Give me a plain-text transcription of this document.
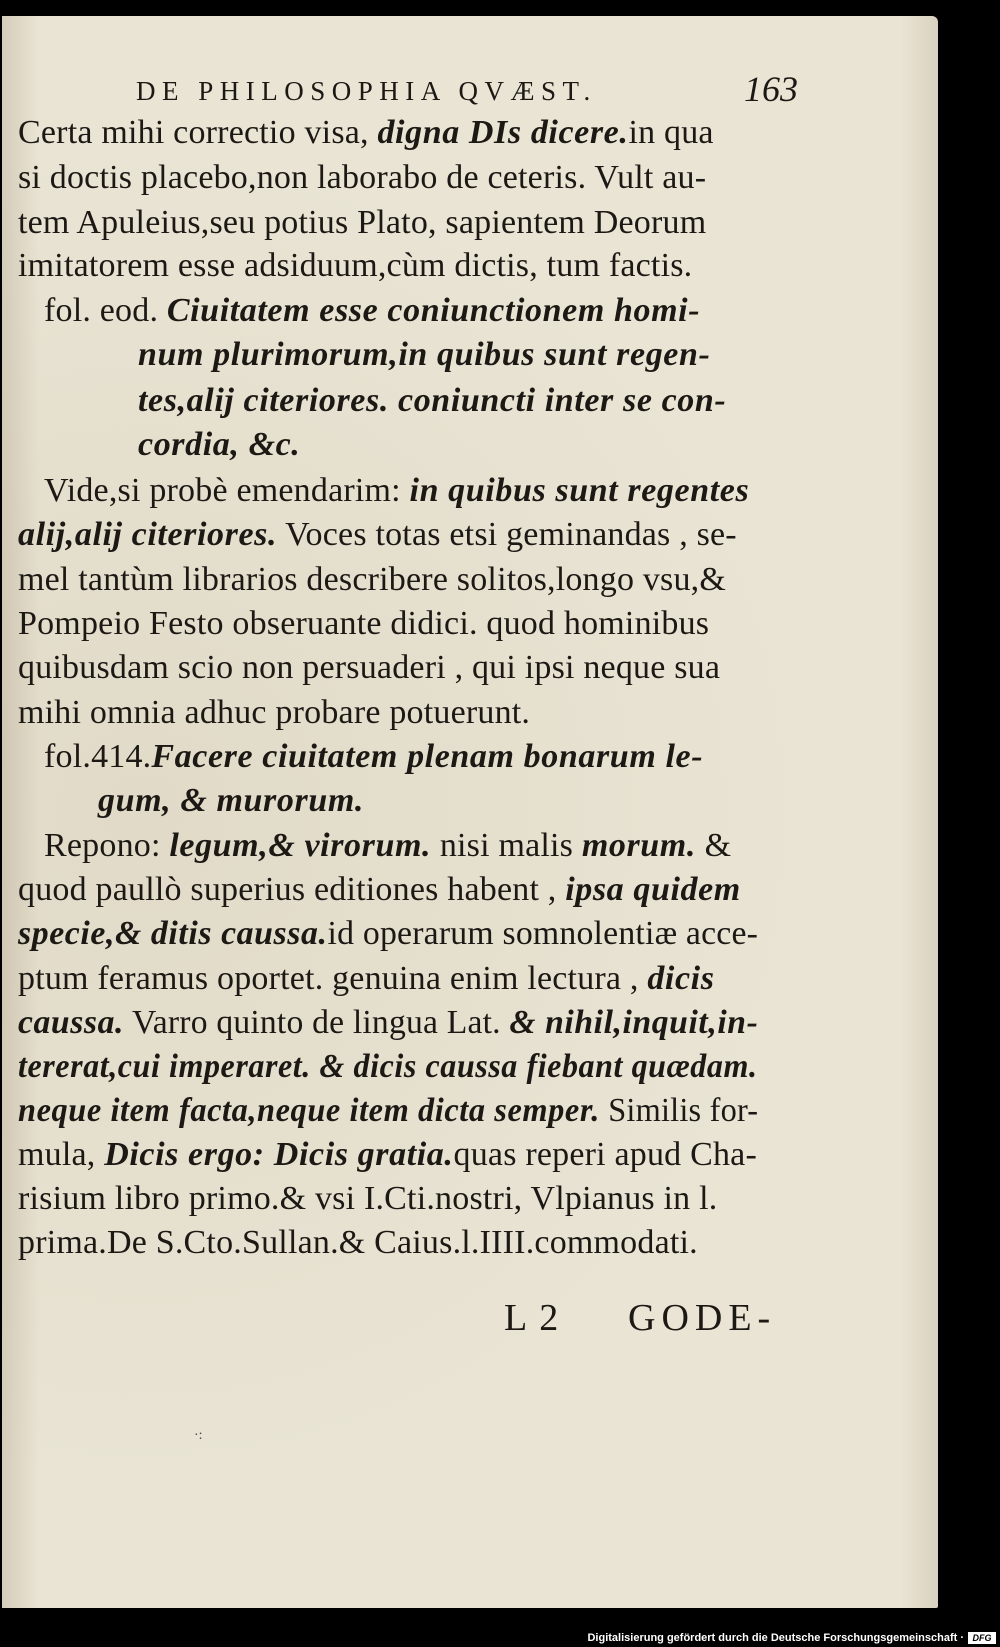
DE PHILOSOPHIA QVÆST.	163
Certa mihi correctio visa, digna DIs dicere.in qua
si doctis placebo,non laborabo de ceteris. Vult au-
tem Apuleius,seu potius Plato, sapientem Deorum
imitatorem esse adsiduum,cùm dictis, tum factis.
fol. eod. Ciuitatem esse coniunctionem homi-
num plurimorum,in quibus sunt regen-
tes,alij citeriores. coniuncti inter se con-
cordia, &c.
Vide,si probè emendarim: in quibus sunt regentes
alij,alij citeriores. Voces totas etsi geminandas , se-
mel tantùm librarios describere solitos,longo vsu,&
Pompeio Festo obseruante didici. quod hominibus
quibusdam scio non persuaderi , qui ipsi neque sua
mihi omnia adhuc probare potuerunt.
fol.414.Facere ciuitatem plenam bonarum le-
gum, & murorum.
Repono: legum,& virorum. nisi malis morum. &
quod paullò superius editiones habent , ipsa quidem
specie,& ditis caussa.id operarum somnolentiæ acce-
ptum feramus oportet. genuina enim lectura , dicis
caussa. Varro quinto de lingua Lat. & nihil,inquit,in-
tererat,cui imperaret. & dicis caussa fiebant quædam.
neque item facta,neque item dicta semper. Similis for-
mula, Dicis ergo: Dicis gratia.quas reperi apud Cha-
risium libro primo.& vsi I.Cti.nostri, Vlpianus in l.
prima.De S.Cto.Sullan.& Caius.l.IIII.commodati.
L 2 GODE-
·:
Digitalisierung gefördert durch die Deutsche Forschungsgemeinschaft · DFG
